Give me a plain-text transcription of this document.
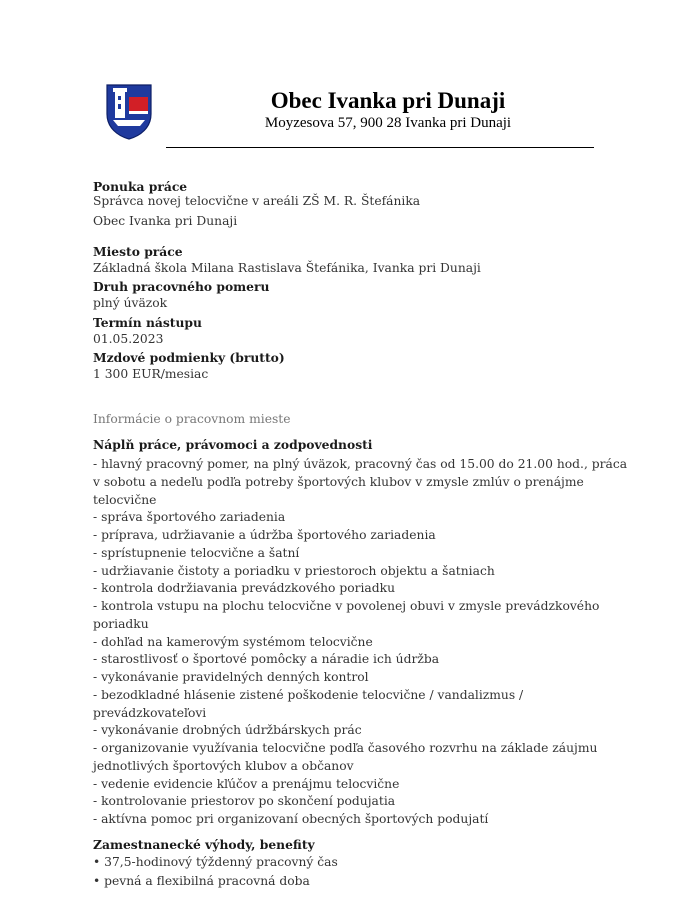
Obec Ivanka pri Dunaji
Moyzesova 57, 900 28 Ivanka pri Dunaji
Ponuka práce
Správca novej telocvične v areáli ZŠ M. R. Štefánika
Obec Ivanka pri Dunaji
Miesto práce
Základná škola Milana Rastislava Štefánika, Ivanka pri Dunaji
Druh pracovného pomeru
plný úväzok
Termín nástupu
01.05.2023
Mzdové podmienky (brutto)
1 300 EUR/mesiac
Informácie o pracovnom mieste
Náplň práce, právomoci a zodpovednosti
- hlavný pracovný pomer, na plný úväzok, pracovný čas od 15.00 do 21.00 hod., práca
v sobotu a nedeľu podľa potreby športových klubov v zmysle zmlúv o prenájme
telocvične
- správa športového zariadenia
- príprava, udržiavanie a údržba športového zariadenia
- sprístupnenie telocvične a šatní
- udržiavanie čistoty a poriadku v priestoroch objektu a šatniach
- kontrola dodržiavania prevádzkového poriadku
- kontrola vstupu na plochu telocvične v povolenej obuvi v zmysle prevádzkového
poriadku
- dohľad na kamerovým systémom telocvične
- starostlivosť o športové pomôcky a náradie ich údržba
- vykonávanie pravidelných denných kontrol
- bezodkladné hlásenie zistené poškodenie telocvične / vandalizmus /
prevádzkovateľovi
- vykonávanie drobných údržbárskych prác
- organizovanie využívania telocvične podľa časového rozvrhu na základe záujmu
jednotlivých športových klubov a občanov
- vedenie evidencie kľúčov a prenájmu telocvične
- kontrolovanie priestorov po skončení podujatia
- aktívna pomoc pri organizovaní obecných športových podujatí
Zamestnanecké výhody, benefity
• 37,5-hodinový týždenný pracovný čas
• pevná a flexibilná pracovná doba
